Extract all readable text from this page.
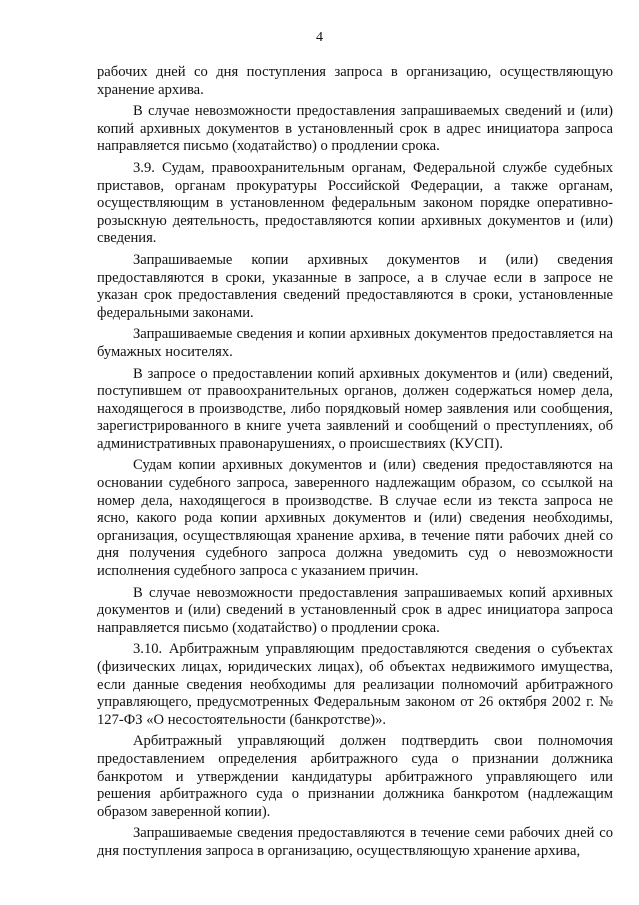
4

рабочих дней со дня поступления запроса в организацию, осуществляющую хранение архива.

В случае невозможности предоставления запрашиваемых сведений и (или) копий архивных документов в установленный срок в адрес инициатора запроса направляется письмо (ходатайство) о продлении срока.

3.9. Судам, правоохранительным органам, Федеральной службе судебных приставов, органам прокуратуры Российской Федерации, а также органам, осуществляющим в установленном федеральным законом порядке оперативно-розыскную деятельность, предоставляются копии архивных документов и (или) сведения.

Запрашиваемые копии архивных документов и (или) сведения предоставляются в сроки, указанные в запросе, а в случае если в запросе не указан срок предоставления сведений предоставляются в сроки, установленные федеральными законами.

Запрашиваемые сведения и копии архивных документов предоставляется на бумажных носителях.

В запросе о предоставлении копий архивных документов и (или) сведений, поступившем от правоохранительных органов, должен содержаться номер дела, находящегося в производстве, либо порядковый номер заявления или сообщения, зарегистрированного в книге учета заявлений и сообщений о преступлениях, об административных правонарушениях, о происшествиях (КУСП).

Судам копии архивных документов и (или) сведения предоставляются на основании судебного запроса, заверенного надлежащим образом, со ссылкой на номер дела, находящегося в производстве. В случае если из текста запроса не ясно, какого рода копии архивных документов и (или) сведения необходимы, организация, осуществляющая хранение архива, в течение пяти рабочих дней со дня получения судебного запроса должна уведомить суд о невозможности исполнения судебного запроса с указанием причин.

В случае невозможности предоставления запрашиваемых копий архивных документов и (или) сведений в установленный срок в адрес инициатора запроса направляется письмо (ходатайство) о продлении срока.

3.10. Арбитражным управляющим предоставляются сведения о субъектах (физических лицах, юридических лицах), об объектах недвижимого имущества, если данные сведения необходимы для реализации полномочий арбитражного управляющего, предусмотренных Федеральным законом от 26 октября 2002 г. № 127-ФЗ «О несостоятельности (банкротстве)».

Арбитражный управляющий должен подтвердить свои полномочия предоставлением определения арбитражного суда о признании должника банкротом и утверждении кандидатуры арбитражного управляющего или решения арбитражного суда о признании должника банкротом (надлежащим образом заверенной копии).

Запрашиваемые сведения предоставляются в течение семи рабочих дней со дня поступления запроса в организацию, осуществляющую хранение архива,
